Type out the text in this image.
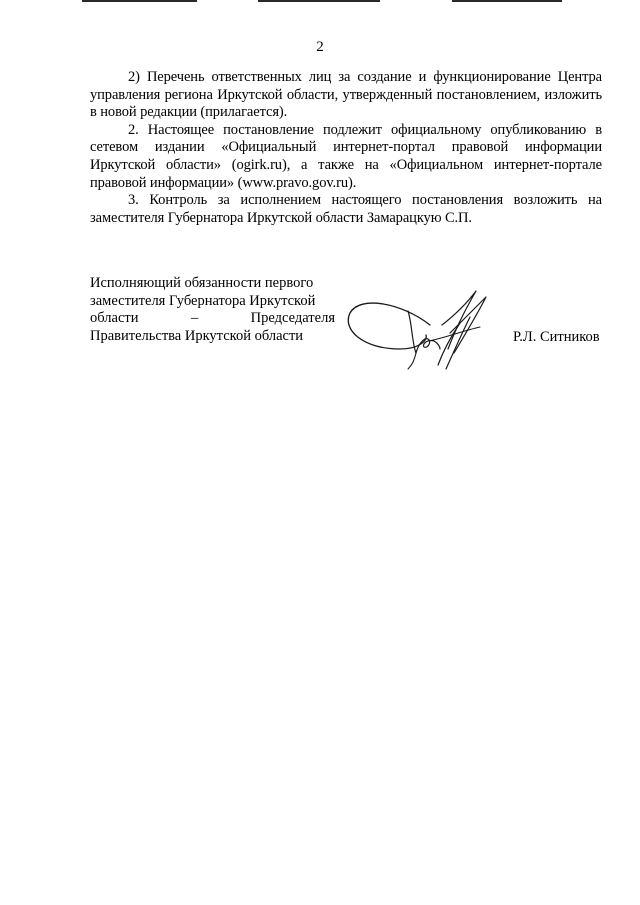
2

2) Перечень ответственных лиц за создание и функционирование Центра управления региона Иркутской области, утвержденный постановлением, изложить в новой редакции (прилагается).

2. Настоящее постановление подлежит официальному опубликованию в сетевом издании «Официальный интернет-портал правовой информации Иркутской области» (ogirk.ru), а также на «Официальном интернет-портале правовой информации» (www.pravo.gov.ru).

3. Контроль за исполнением настоящего постановления возложить на заместителя Губернатора Иркутской области Замарацкую С.П.

Исполняющий обязанности первого
заместителя Губернатора Иркутской
области	–	Председателя
Правительства Иркутской области	Р.Л. Ситников
